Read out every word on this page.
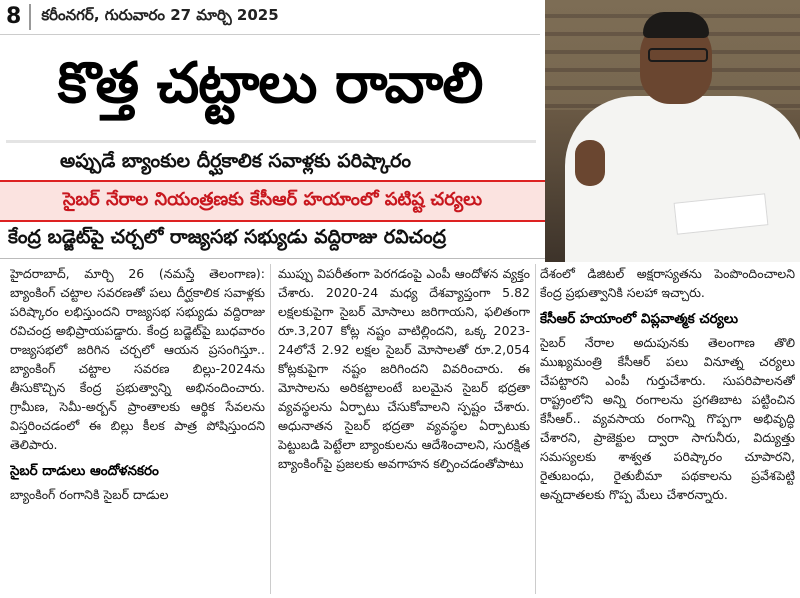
8	కరీంనగర్, గురువారం 27 మార్చి 2025
కొత్త చట్టాలు రావాలి
అప్పుడే బ్యాంకుల దీర్ఘకాలిక సవాళ్లకు పరిష్కారం
సైబర్ నేరాల నియంత్రణకు కేసీఆర్ హయాంలో పటిష్ట చర్యలు
కేంద్ర బడ్జెట్‌పై చర్చలో రాజ్యసభ సభ్యుడు వద్దిరాజు రవిచంద్ర

హైదరాబాద్, మార్చి 26 (నమస్తే తెలంగాణ): బ్యాంకింగ్ చట్టాల సవరణతో పలు దీర్ఘకాలిక సవాళ్లకు పరిష్కారం లభిస్తుందని రాజ్యసభ సభ్యుడు వద్దిరాజు రవిచంద్ర అభిప్రాయపడ్డారు. కేంద్ర బడ్జెట్‌పై బుధవారం రాజ్యసభలో జరిగిన చర్చలో ఆయన ప్రసంగిస్తూ.. బ్యాంకింగ్ చట్టాల సవరణ బిల్లు-2024ను తీసుకొచ్చిన కేంద్ర ప్రభుత్వాన్ని అభినందించారు. గ్రామీణ, సెమీ-అర్బన్ ప్రాంతాలకు ఆర్థిక సేవలను విస్తరించడంలో ఈ బిల్లు కీలక పాత్ర పోషిస్తుందని తెలిపారు.

సైబర్ దాడులు ఆందోళనకరం

బ్యాంకింగ్ రంగానికి సైబర్ దాడుల

ముప్పు విపరీతంగా పెరగడంపై ఎంపీ ఆందోళన వ్యక్తం చేశారు. 2020-24 మధ్య దేశవ్యాప్తంగా 5.82 లక్షలకుపైగా సైబర్ మోసాలు జరిగాయని, ఫలితంగా రూ.3,207 కోట్ల నష్టం వాటిల్లిందని, ఒక్క 2023-24లోనే 2.92 లక్షల సైబర్ మోసాలతో రూ.2,054 కోట్లకుపైగా నష్టం జరిగిందని వివరించారు. ఈ మోసాలను అరికట్టాలంటే బలమైన సైబర్ భద్రతా వ్యవస్థలను ఏర్పాటు చేసుకోవాలని స్పష్టం చేశారు. అధునాతన సైబర్ భద్రతా వ్యవస్థల ఏర్పాటుకు పెట్టుబడి పెట్టేలా బ్యాంకులను ఆదేశించాలని, సురక్షిత బ్యాంకింగ్‌పై ప్రజలకు అవగాహన కల్పించడంతోపాటు

దేశంలో డిజిటల్ అక్షరాస్యతను పెంపొందించాలని కేంద్ర ప్రభుత్వానికి సలహా ఇచ్చారు.

కేసీఆర్ హయాంలో విప్లవాత్మక చర్యలు

సైబర్ నేరాల అదుపునకు తెలంగాణ తొలి ముఖ్యమంత్రి కేసీఆర్ పలు వినూత్న చర్యలు చేపట్టారని ఎంపీ గుర్తుచేశారు. సుపరిపాలనతో రాష్ట్రంలోని అన్ని రంగాలను ప్రగతిబాట పట్టించిన కేసీఆర్.. వ్యవసాయ రంగాన్ని గొప్పగా అభివృద్ధి చేశారని, ప్రాజెక్టుల ద్వారా సాగునీరు, విద్యుత్తు సమస్యలకు శాశ్వత పరిష్కారం చూపారని, రైతుబంధు, రైతుబీమా పథకాలను ప్రవేశపెట్టి అన్నదాతలకు గొప్ప మేలు చేశారన్నారు.
